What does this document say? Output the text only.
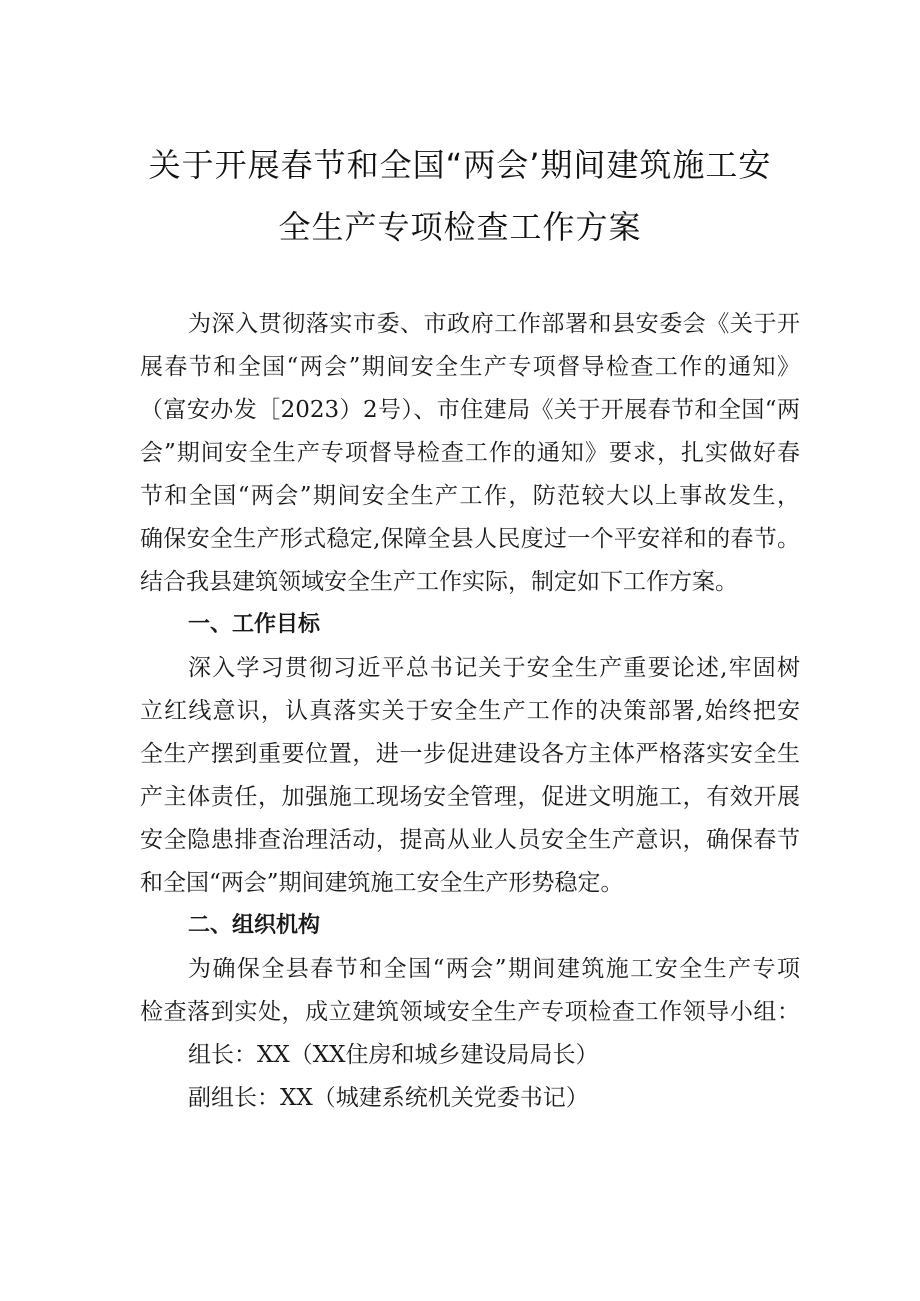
关于开展春节和全国“两会’期间建筑施工安
全生产专项检查工作方案
为深入贯彻落实市委、市政府工作部署和县安委会《关于开
展春节和全国“两会”期间安全生产专项督导检查工作的通知》
（富安办发［2023）2号）、市住建局《关于开展春节和全国“两
会”期间安全生产专项督导检查工作的通知》要求，扎实做好春
节和全国“两会”期间安全生产工作，防范较大以上事故发生，
确保安全生产形式稳定,保障全县人民度过一个平安祥和的春节。
结合我县建筑领域安全生产工作实际，制定如下工作方案。
一、工作目标
深入学习贯彻习近平总书记关于安全生产重要论述,牢固树
立红线意识，认真落实关于安全生产工作的决策部署,始终把安
全生产摆到重要位置，进一步促进建设各方主体严格落实安全生
产主体责任，加强施工现场安全管理，促进文明施工，有效开展
安全隐患排查治理活动，提高从业人员安全生产意识，确保春节
和全国“两会”期间建筑施工安全生产形势稳定。
二、组织机构
为确保全县春节和全国“两会”期间建筑施工安全生产专项
检查落到实处，成立建筑领域安全生产专项检查工作领导小组：
组长：XX（XX住房和城乡建设局局长）
副组长：XX（城建系统机关党委书记）
